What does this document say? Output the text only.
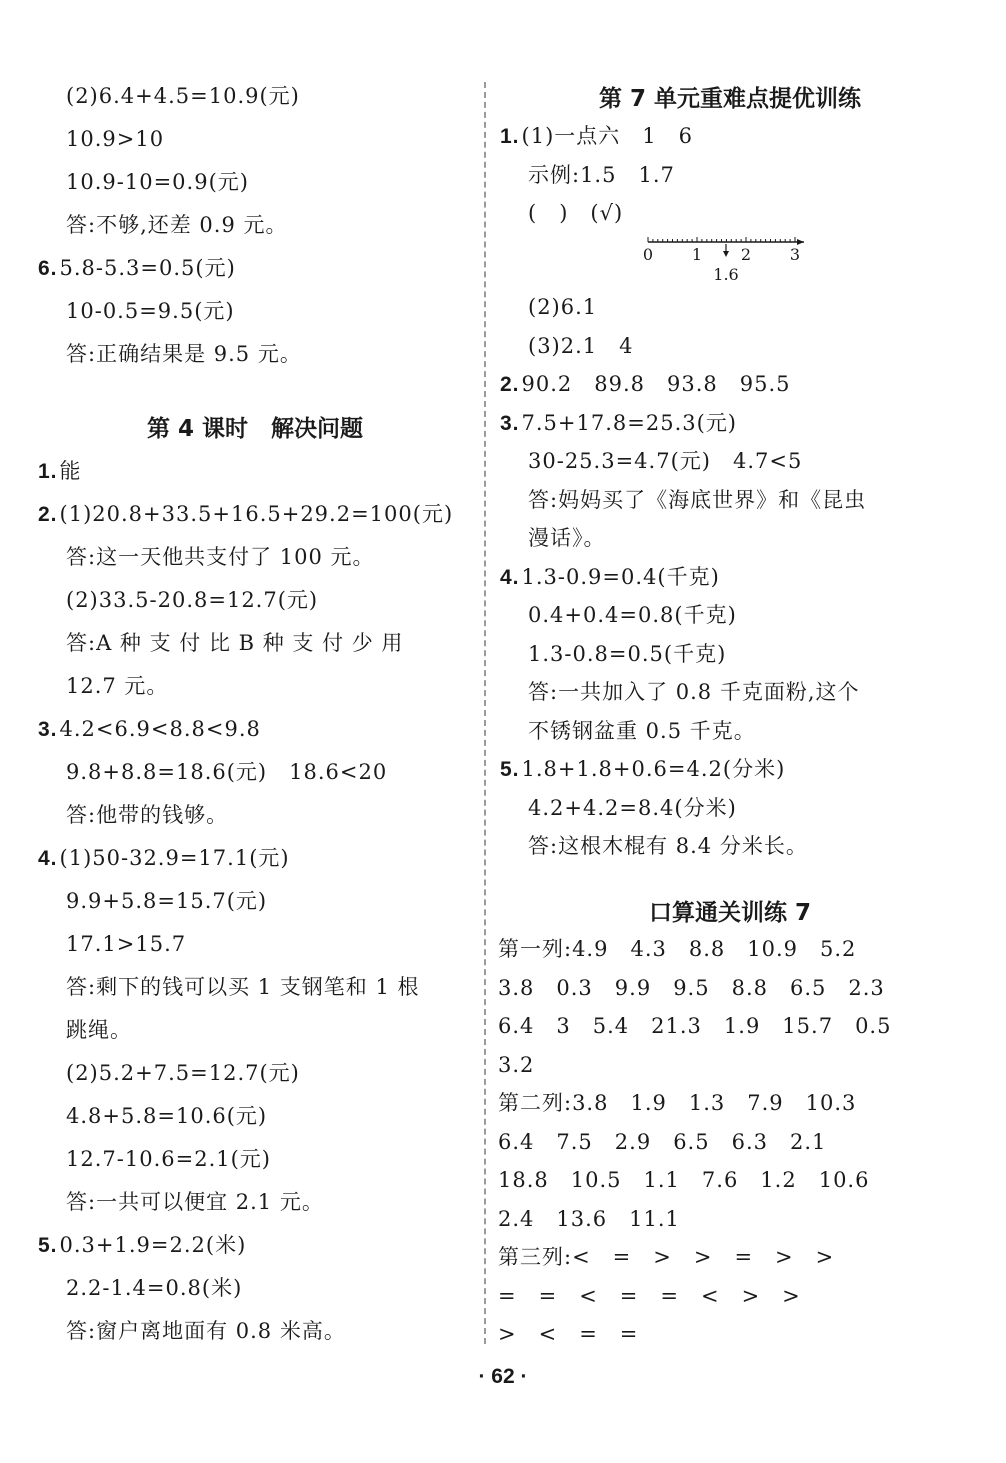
(2)6.4+4.5=10.9(元)
10.9>10
10.9-10=0.9(元)
答:不够,还差 0.9 元。
6.5.8-5.3=0.5(元)
10-0.5=9.5(元)
答:正确结果是 9.5 元。
第 4 课时　解决问题
1.能
2.(1)20.8+33.5+16.5+29.2=100(元)
答:这一天他共支付了 100 元。
(2)33.5-20.8=12.7(元)
答:A 种 支 付 比 B 种 支 付 少 用
12.7 元。
3.4.2<6.9<8.8<9.8
9.8+8.8=18.6(元)　18.6<20
答:他带的钱够。
4.(1)50-32.9=17.1(元)
9.9+5.8=15.7(元)
17.1>15.7
答:剩下的钱可以买 1 支钢笔和 1 根
跳绳。
(2)5.2+7.5=12.7(元)
4.8+5.8=10.6(元)
12.7-10.6=2.1(元)
答:一共可以便宜 2.1 元。
5.0.3+1.9=2.2(米)
2.2-1.4=0.8(米)
答:窗户离地面有 0.8 米高。
第 7 单元重难点提优训练
1.(1)一点六　1　6
示例:1.5　1.7
(　)　(√)
0 1 2 3
1.6
(2)6.1
(3)2.1　4
2.90.2　89.8　93.8　95.5
3.7.5+17.8=25.3(元)
30-25.3=4.7(元)　4.7<5
答:妈妈买了《海底世界》和《昆虫
漫话》。
4.1.3-0.9=0.4(千克)
0.4+0.4=0.8(千克)
1.3-0.8=0.5(千克)
答:一共加入了 0.8 千克面粉,这个
不锈钢盆重 0.5 千克。
5.1.8+1.8+0.6=4.2(分米)
4.2+4.2=8.4(分米)
答:这根木棍有 8.4 分米长。
口算通关训练 7
第一列:4.9　4.3　8.8　10.9　5.2
3.8　0.3　9.9　9.5　8.8　6.5　2.3
6.4　3　5.4　21.3　1.9　15.7　0.5
3.2
第二列:3.8　1.9　1.3　7.9　10.3
6.4　7.5　2.9　6.5　6.3　2.1
18.8　10.5　1.1　7.6　1.2　10.6
2.4　13.6　11.1
第三列:<　=　>　>　=　>　>
=　=　<　=　=　<　>　>
>　<　=　=
· 62 ·
